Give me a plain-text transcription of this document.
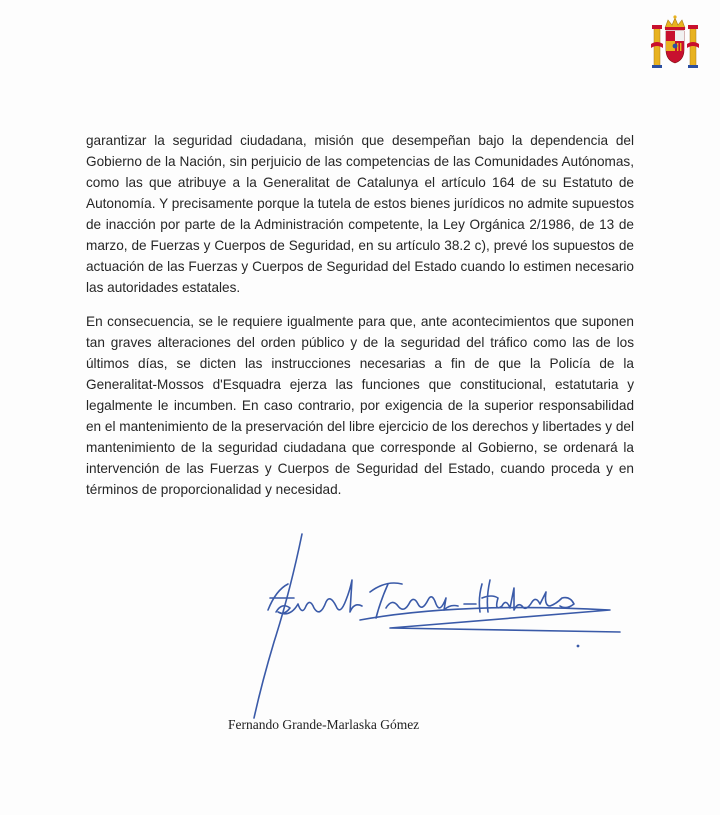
garantizar la seguridad ciudadana, misión que desempeñan bajo la dependencia del Gobierno de la Nación, sin perjuicio de las competencias de las Comunidades Autónomas, como las que atribuye a la Generalitat de Catalunya el artículo 164 de su Estatuto de Autonomía. Y precisamente porque la tutela de estos bienes jurídicos no admite supuestos de inacción por parte de la Administración competente, la Ley Orgánica 2/1986, de 13 de marzo, de Fuerzas y Cuerpos de Seguridad, en su artículo 38.2 c), prevé los supuestos de actuación de las Fuerzas y Cuerpos de Seguridad del Estado cuando lo estimen necesario las autoridades estatales.

En consecuencia, se le requiere igualmente para que, ante acontecimientos que suponen tan graves alteraciones del orden público y de la seguridad del tráfico como las de los últimos días, se dicten las instrucciones necesarias a fin de que la Policía de la Generalitat-Mossos d'Esquadra ejerza las funciones que constitucional, estatutaria y legalmente le incumben. En caso contrario, por exigencia de la superior responsabilidad en el mantenimiento de la preservación del libre ejercicio de los derechos y libertades y del mantenimiento de la seguridad ciudadana que corresponde al Gobierno, se ordenará la intervención de las Fuerzas y Cuerpos de Seguridad del Estado, cuando proceda y en términos de proporcionalidad y necesidad.

Fernando Grande-Marlaska Gómez
